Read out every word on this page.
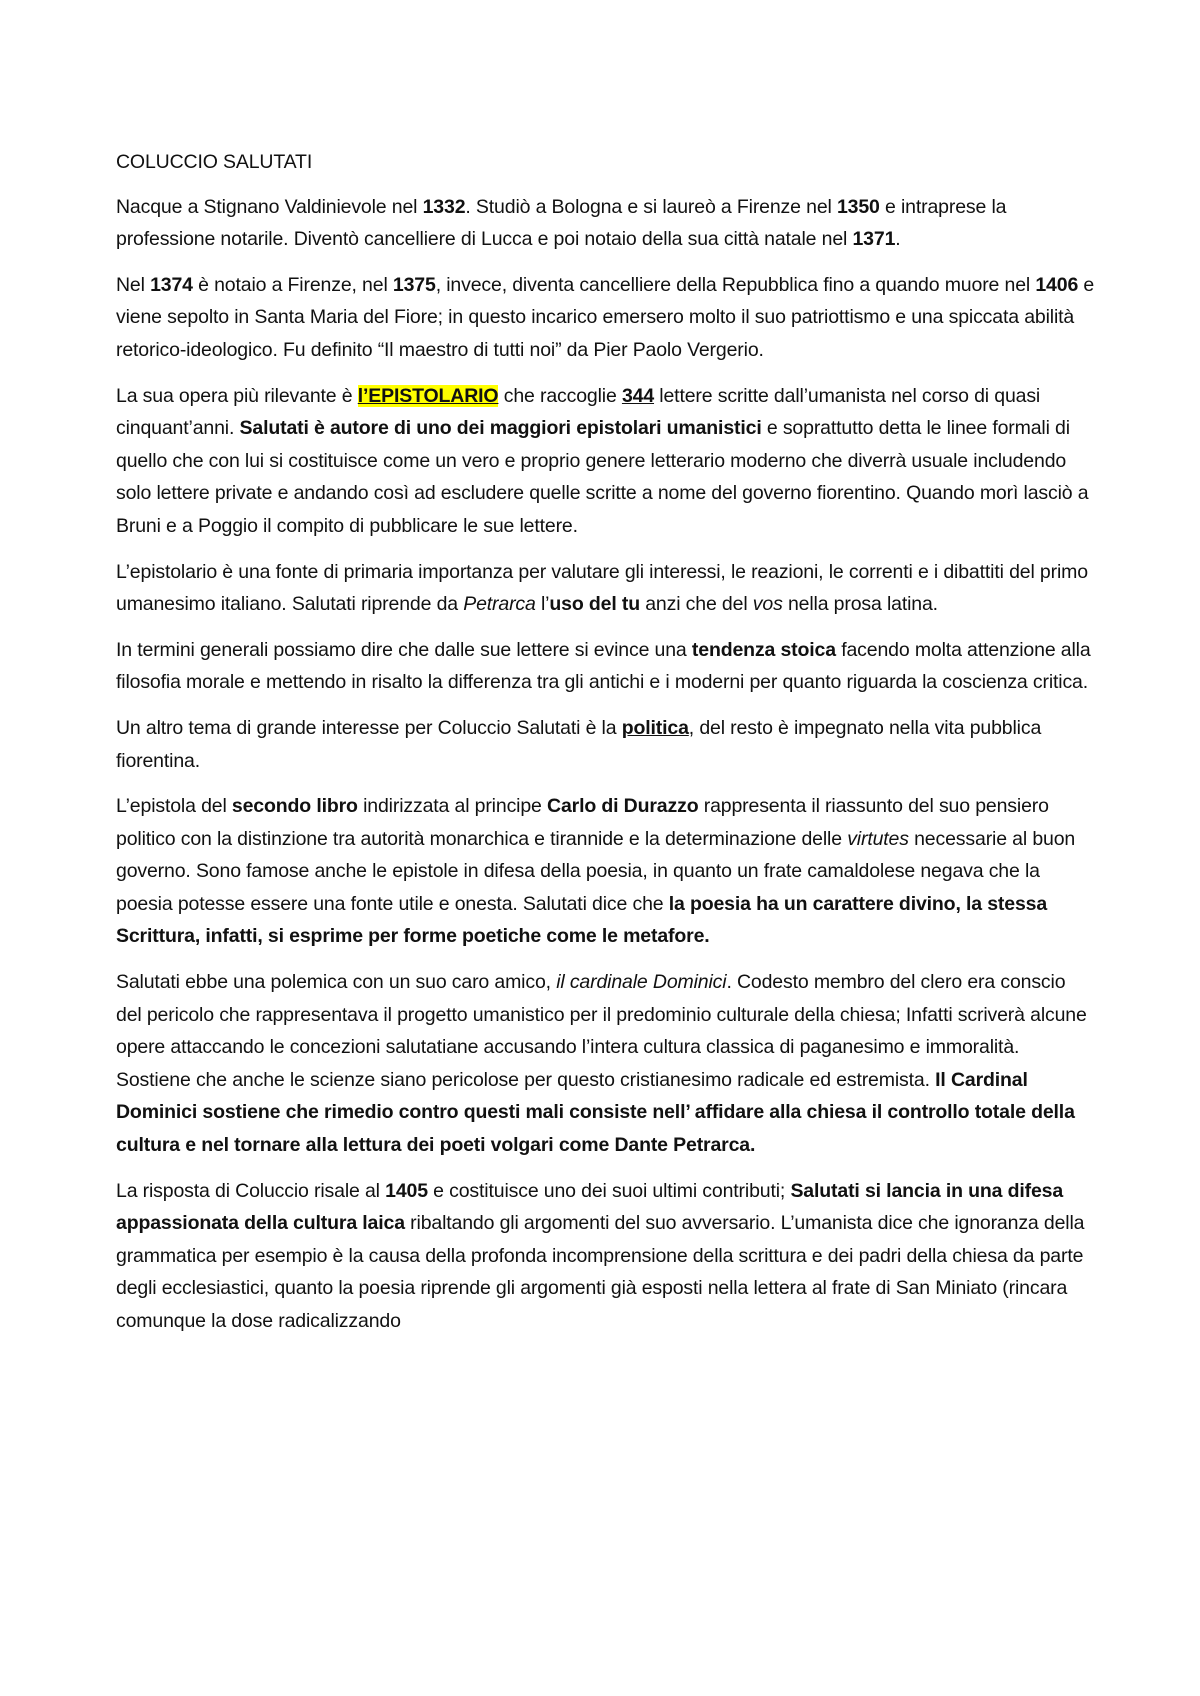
COLUCCIO SALUTATI

Nacque a Stignano Valdinievole nel 1332. Studiò a Bologna e si laureò a Firenze nel 1350 e intraprese la professione notarile. Diventò cancelliere di Lucca e poi notaio della sua città natale nel 1371.

Nel 1374 è notaio a Firenze, nel 1375, invece, diventa cancelliere della Repubblica fino a quando muore nel 1406 e viene sepolto in Santa Maria del Fiore; in questo incarico emersero molto il suo patriottismo e una spiccata abilità retorico-ideologico. Fu definito “Il maestro di tutti noi” da Pier Paolo Vergerio.

La sua opera più rilevante è l’EPISTOLARIO che raccoglie 344 lettere scritte dall’umanista nel corso di quasi cinquant’anni. Salutati è autore di uno dei maggiori epistolari umanistici e soprattutto detta le linee formali di quello che con lui si costituisce come un vero e proprio genere letterario moderno che diverrà usuale includendo solo lettere private e andando così ad escludere quelle scritte a nome del governo fiorentino. Quando morì lasciò a Bruni e a Poggio il compito di pubblicare le sue lettere.

L’epistolario è una fonte di primaria importanza per valutare gli interessi, le reazioni, le correnti e i dibattiti del primo umanesimo italiano. Salutati riprende da Petrarca l’uso del tu anzi che del vos nella prosa latina.

In termini generali possiamo dire che dalle sue lettere si evince una tendenza stoica facendo molta attenzione alla filosofia morale e mettendo in risalto la differenza tra gli antichi e i moderni per quanto riguarda la coscienza critica.

Un altro tema di grande interesse per Coluccio Salutati è la politica, del resto è impegnato nella vita pubblica fiorentina.

L’epistola del secondo libro indirizzata al principe Carlo di Durazzo rappresenta il riassunto del suo pensiero politico con la distinzione tra autorità monarchica e tirannide e la determinazione delle virtutes necessarie al buon governo. Sono famose anche le epistole in difesa della poesia, in quanto un frate camaldolese negava che la poesia potesse essere una fonte utile e onesta. Salutati dice che la poesia ha un carattere divino, la stessa Scrittura, infatti, si esprime per forme poetiche come le metafore.

Salutati ebbe una polemica con un suo caro amico, il cardinale Dominici. Codesto membro del clero era conscio del pericolo che rappresentava il progetto umanistico per il predominio culturale della chiesa; Infatti scriverà alcune opere attaccando le concezioni salutatiane accusando l’intera cultura classica di paganesimo e immoralità. Sostiene che anche le scienze siano pericolose per questo cristianesimo radicale ed estremista. Il Cardinal Dominici sostiene che rimedio contro questi mali consiste nell’ affidare alla chiesa il controllo totale della cultura e nel tornare alla lettura dei poeti volgari come Dante Petrarca.

La risposta di Coluccio risale al 1405 e costituisce uno dei suoi ultimi contributi; Salutati si lancia in una difesa appassionata della cultura laica ribaltando gli argomenti del suo avversario. L’umanista dice che ignoranza della grammatica per esempio è la causa della profonda incomprensione della scrittura e dei padri della chiesa da parte degli ecclesiastici, quanto la poesia riprende gli argomenti già esposti nella lettera al frate di San Miniato (rincara comunque la dose radicalizzando
